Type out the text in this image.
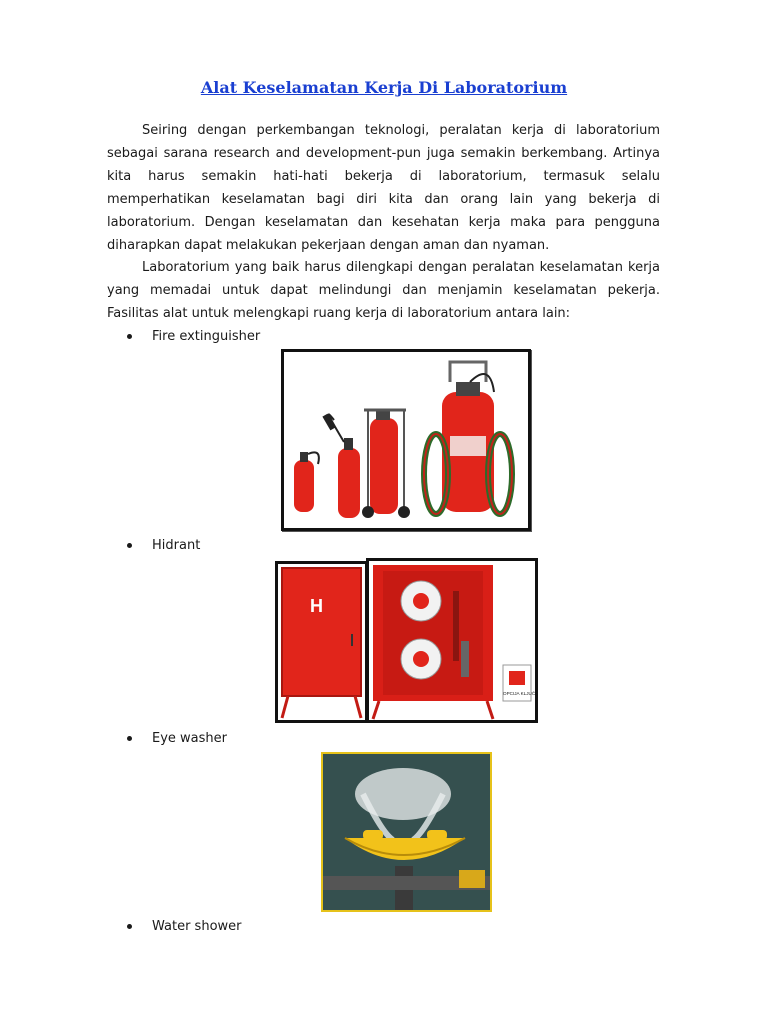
Alat Keselamatan Kerja Di Laboratorium

Seiring dengan perkembangan teknologi, peralatan kerja di laboratorium sebagai sarana research and development-pun juga semakin berkembang. Artinya kita harus semakin hati-hati bekerja di laboratorium, termasuk selalu memperhatikan keselamatan bagi diri kita dan orang lain yang bekerja di laboratorium. Dengan keselamatan dan kesehatan kerja maka para pengguna diharapkan dapat melakukan pekerjaan dengan aman dan nyaman.

Laboratorium yang baik harus dilengkapi dengan peralatan keselamatan kerja yang memadai untuk dapat melindungi dan menjamin keselamatan pekerja. Fasilitas alat untuk melengkapi ruang kerja di laboratorium antara lain:

Fire extinguisher
Hidrant
H
OPCIJA KLJUČ
Eye washer
Water shower
